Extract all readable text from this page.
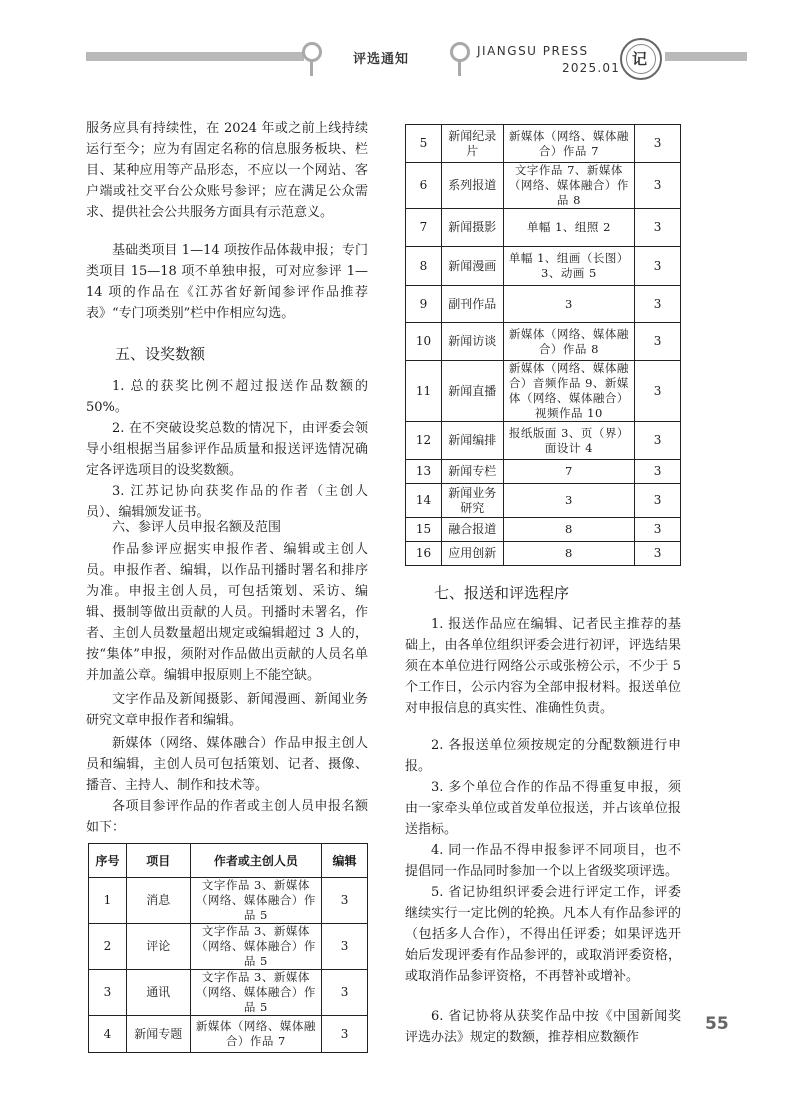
评选通知
JIANGSU PRESS
2025.01 记

服务应具有持续性，在 2024 年或之前上线持续运行至今；应为有固定名称的信息服务板块、栏目、某种应用等产品形态，不应以一个网站、客户端或社交平台公众账号参评；应在满足公众需求、提供社会公共服务方面具有示范意义。

基础类项目 1—14 项按作品体裁申报；专门类项目 15—18 项不单独申报，可对应参评 1—14 项的作品在《江苏省好新闻参评作品推荐表》“专门项类别”栏中作相应勾选。

五、设奖数额

1. 总的获奖比例不超过报送作品数额的 50%。

2. 在不突破设奖总数的情况下，由评委会领导小组根据当届参评作品质量和报送评选情况确定各评选项目的设奖数额。

3. 江苏记协向获奖作品的作者（主创人员）、编辑颁发证书。

六、参评人员申报名额及范围

作品参评应据实申报作者、编辑或主创人员。申报作者、编辑，以作品刊播时署名和排序为准。申报主创人员，可包括策划、采访、编辑、摄制等做出贡献的人员。刊播时未署名，作者、主创人员数量超出规定或编辑超过 3 人的，按“集体”申报，须附对作品做出贡献的人员名单并加盖公章。编辑申报原则上不能空缺。

文字作品及新闻摄影、新闻漫画、新闻业务研究文章申报作者和编辑。

新媒体（网络、媒体融合）作品申报主创人员和编辑，主创人员可包括策划、记者、摄像、播音、主持人、制作和技术等。

各项目参评作品的作者或主创人员申报名额如下：

序号	项目	作者或主创人员	编辑
1	消息	文字作品 3、新媒体（网络、媒体融合）作品 5	3
2	评论	文字作品 3、新媒体（网络、媒体融合）作品 5	3
3	通讯	文字作品 3、新媒体（网络、媒体融合）作品 5	3
4	新闻专题	新媒体（网络、媒体融合）作品 7	3
5	新闻纪录片	新媒体（网络、媒体融合）作品 7	3
6	系列报道	文字作品 7、新媒体（网络、媒体融合）作品 8	3
7	新闻摄影	单幅 1、组照 2	3
8	新闻漫画	单幅 1、组画（长图）3、动画 5	3
9	副刊作品	3	3
10	新闻访谈	新媒体（网络、媒体融合）作品 8	3
11	新闻直播	新媒体（网络、媒体融合）音频作品 9、新媒体（网络、媒体融合）视频作品 10	3
12	新闻编排	报纸版面 3、页（界）面设计 4	3
13	新闻专栏	7	3
14	新闻业务研究	3	3
15	融合报道	8	3
16	应用创新	8	3
七、报送和评选程序

1. 报送作品应在编辑、记者民主推荐的基础上，由各单位组织评委会进行初评，评选结果须在本单位进行网络公示或张榜公示，不少于 5 个工作日，公示内容为全部申报材料。报送单位对申报信息的真实性、准确性负责。

2. 各报送单位须按规定的分配数额进行申报。

3. 多个单位合作的作品不得重复申报，须由一家牵头单位或首发单位报送，并占该单位报送指标。

4. 同一作品不得申报参评不同项目，也不提倡同一作品同时参加一个以上省级奖项评选。

5. 省记协组织评委会进行评定工作，评委继续实行一定比例的轮换。凡本人有作品参评的（包括多人合作），不得出任评委；如果评选开始后发现评委有作品参评的，或取消评委资格，或取消作品参评资格，不再替补或增补。

6. 省记协将从获奖作品中按《中国新闻奖评选办法》规定的数额，推荐相应数额作

55
